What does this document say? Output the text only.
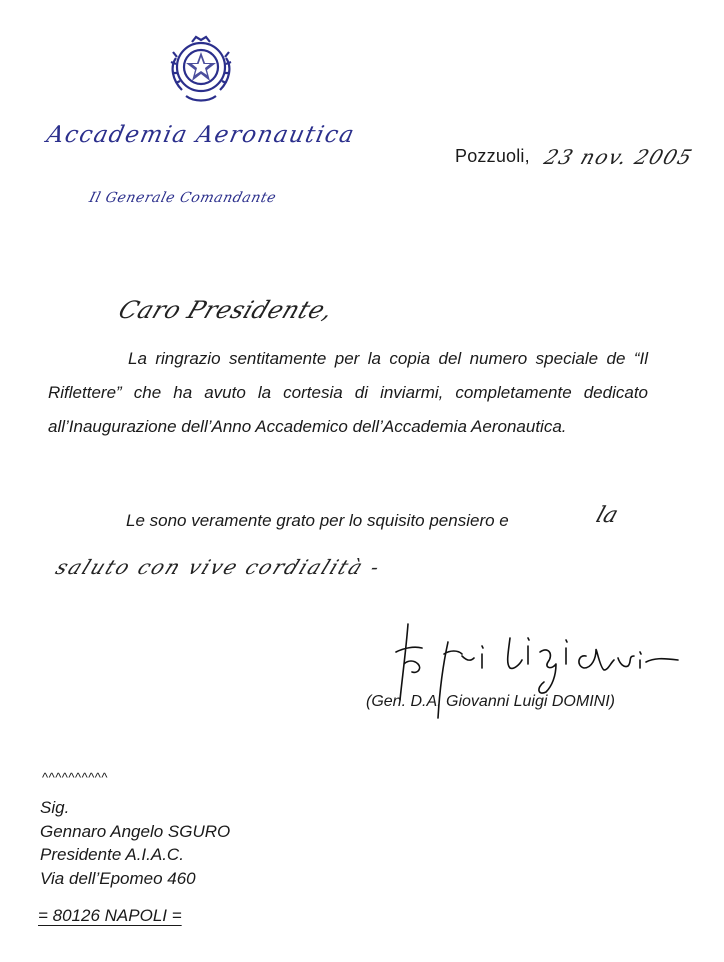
Accademia Aeronautica
Il Generale Comandante
Pozzuoli, 23 nov. 2005
Caro Presidente,
La ringrazio sentitamente per la copia del numero speciale de “Il Riflettere” che ha avuto la cortesia di inviarmi, completamente dedicato all’Inaugurazione dell’Anno Accademico dell’Accademia Aeronautica.
Le sono veramente grato per lo squisito pensiero e	la
saluto con vive cordialità -
Giovanni Luigi Domini
(Gen. D.A. Giovanni Luigi DOMINI)
^^^^^^^^^^
Sig.
Gennaro Angelo SGURO
Presidente A.I.A.C.
Via dell’Epomeo 460
= 80126 NAPOLI =
